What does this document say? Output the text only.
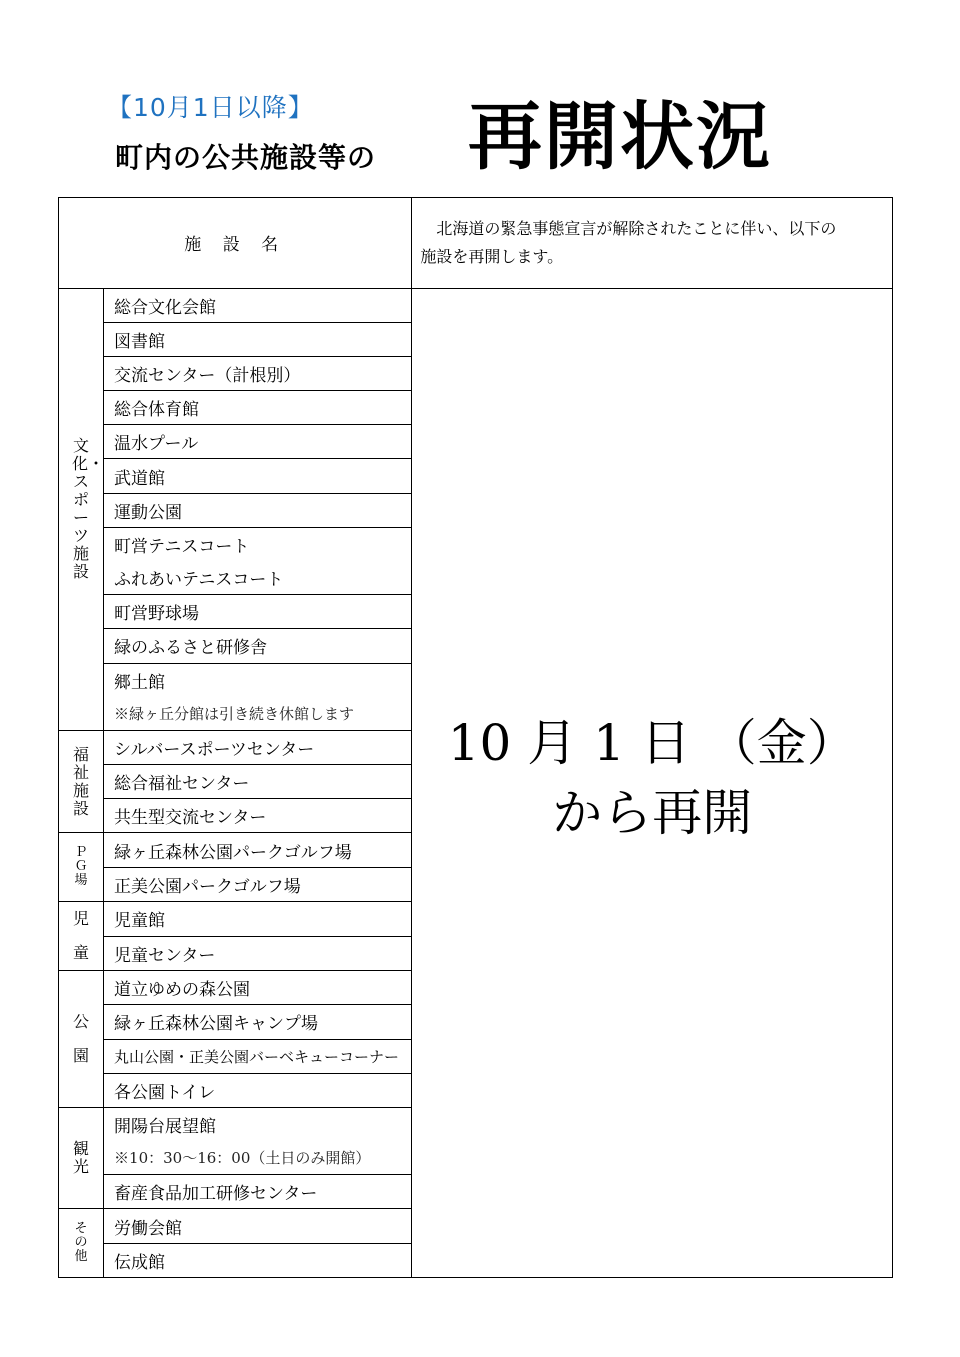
【10月1日以降】
町内の公共施設等の 再開状況
施 設 名		北海道の緊急事態宣言が解除されたことに伴い、以下の
施設を再開します。

文化・スポーツ施設	総合文化会館	10 月 1 日 （金）
から再開

	図書館	
	交流センター（計根別）	
	総合体育館	
	温水プール	
	武道館	
	運動公園	
	町営テニスコート	
	ふれあいテニスコート	
	町営野球場	
	緑のふるさと研修舎	
	郷土館	
	※緑ヶ丘分館は引き続き休館します	
福祉施設	シルバースポーツセンター	
	総合福祉センター	
	共生型交流センター	
ＰＧ場	緑ヶ丘森林公園パークゴルフ場	
	正美公園パークゴルフ場	
児童	児童館	
	児童センター	
公園	道立ゆめの森公園	
	緑ヶ丘森林公園キャンプ場	
	丸山公園・正美公園バーベキューコーナー	
	各公園トイレ	
観光	開陽台展望館	
	※10：30～16：00（土日のみ開館）	
	畜産食品加工研修センター	
その他	労働会館	
	伝成館	
